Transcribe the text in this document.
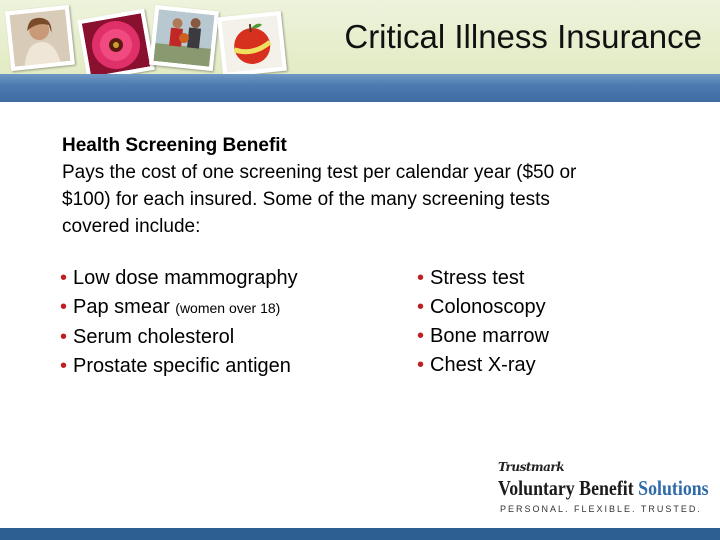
Critical Illness Insurance
Health Screening Benefit
Pays the cost of one screening test per calendar year ($50 or $100) for each insured. Some of the many screening tests covered include:
• Low dose mammography
• Pap smear (women over 18)
• Serum cholesterol
• Prostate specific antigen
• Stress test
• Colonoscopy
• Bone marrow
• Chest X-ray
Trustmark
Voluntary Benefit Solutions
PERSONAL. FLEXIBLE. TRUSTED.
